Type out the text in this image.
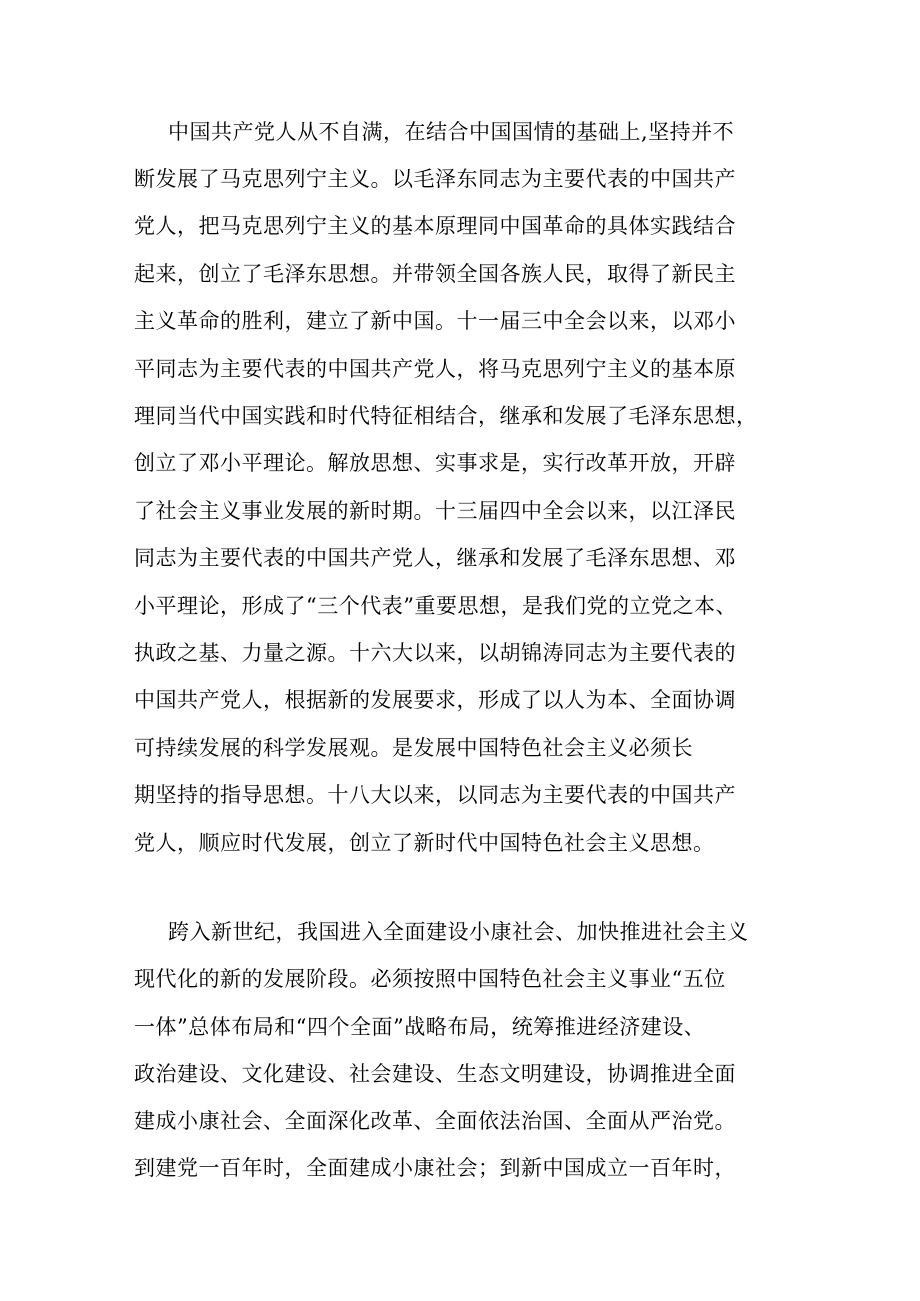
中国共产党人从不自满，在结合中国国情的基础上,坚持并不
断发展了马克思列宁主义。以毛泽东同志为主要代表的中国共产
党人，把马克思列宁主义的基本原理同中国革命的具体实践结合
起来，创立了毛泽东思想。并带领全国各族人民，取得了新民主
主义革命的胜利，建立了新中国。十一届三中全会以来，以邓小
平同志为主要代表的中国共产党人，将马克思列宁主义的基本原
理同当代中国实践和时代特征相结合，继承和发展了毛泽东思想，
创立了邓小平理论。解放思想、实事求是，实行改革开放，开辟
了社会主义事业发展的新时期。十三届四中全会以来，以江泽民
同志为主要代表的中国共产党人，继承和发展了毛泽东思想、邓
小平理论，形成了“三个代表”重要思想，是我们党的立党之本、
执政之基、力量之源。十六大以来，以胡锦涛同志为主要代表的
中国共产党人，根据新的发展要求，形成了以人为本、全面协调
可持续发展的科学发展观。是发展中国特色社会主义必须长
期坚持的指导思想。十八大以来，以同志为主要代表的中国共产
党人，顺应时代发展，创立了新时代中国特色社会主义思想。
跨入新世纪，我国进入全面建设小康社会、加快推进社会主义
现代化的新的发展阶段。必须按照中国特色社会主义事业“五位
一体”总体布局和“四个全面”战略布局，统筹推进经济建设、
政治建设、文化建设、社会建设、生态文明建设，协调推进全面
建成小康社会、全面深化改革、全面依法治国、全面从严治党。
到建党一百年时，全面建成小康社会；到新中国成立一百年时，
